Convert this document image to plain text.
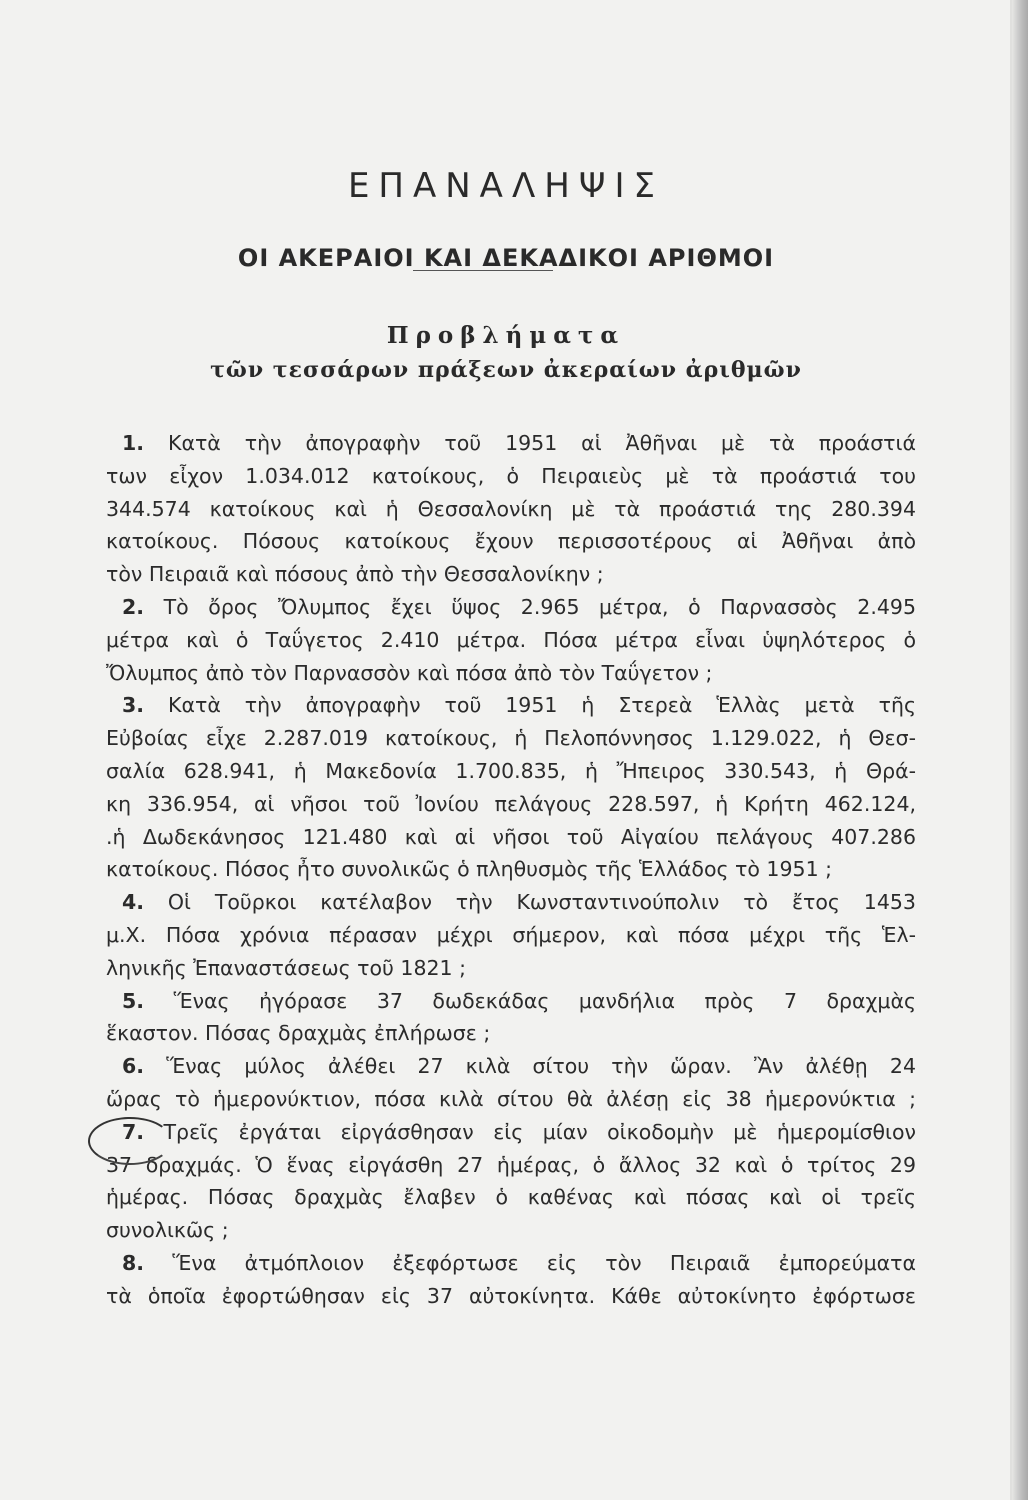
ΕΠΑΝΑΛΗΨΙΣ
ΟΙ ΑΚΕΡΑΙΟΙ ΚΑΙ ΔΕΚΑΔΙΚΟΙ ΑΡΙΘΜΟΙ
Προβλήματα
τῶν τεσσάρων πράξεων ἀκεραίων ἀριθμῶν
1. Κατὰ τὴν ἀπογραφὴν τοῦ 1951 αἱ Ἀθῆναι μὲ τὰ προάστιά
των εἶχον 1.034.012 κατοίκους, ὁ Πειραιεὺς μὲ τὰ προάστιά του
344.574 κατοίκους καὶ ἡ Θεσσαλονίκη μὲ τὰ προάστιά της 280.394
κατοίκους. Πόσους κατοίκους ἔχουν περισσοτέρους αἱ Ἀθῆναι ἀπὸ
τὸν Πειραιᾶ καὶ πόσους ἀπὸ τὴν Θεσσαλονίκην ;
2. Τὸ ὄρος Ὄλυμπος ἔχει ὕψος 2.965 μέτρα, ὁ Παρνασσὸς 2.495
μέτρα καὶ ὁ Ταΰγετος 2.410 μέτρα. Πόσα μέτρα εἶναι ὑψηλότερος ὁ
Ὄλυμπος ἀπὸ τὸν Παρνασσὸν καὶ πόσα ἀπὸ τὸν Ταΰγετον ;
3. Κατὰ τὴν ἀπογραφὴν τοῦ 1951 ἡ Στερεὰ Ἑλλὰς μετὰ τῆς
Εὐβοίας εἶχε 2.287.019 κατοίκους, ἡ Πελοπόννησος 1.129.022, ἡ Θεσ-
σαλία 628.941, ἡ Μακεδονία 1.700.835, ἡ Ἤπειρος 330.543, ἡ Θρά-
κη 336.954, αἱ νῆσοι τοῦ Ἰονίου πελάγους 228.597, ἡ Κρήτη 462.124,
.ἡ Δωδεκάνησος 121.480 καὶ αἱ νῆσοι τοῦ Αἰγαίου πελάγους 407.286
κατοίκους. Πόσος ἦτο συνολικῶς ὁ πληθυσμὸς τῆς Ἑλλάδος τὸ 1951 ;
4. Οἱ Τοῦρκοι κατέλαβον τὴν Κωνσταντινούπολιν τὸ ἔτος 1453
μ.Χ. Πόσα χρόνια πέρασαν μέχρι σήμερον, καὶ πόσα μέχρι τῆς Ἑλ-
ληνικῆς Ἐπαναστάσεως τοῦ 1821 ;
5. Ἕνας ἠγόρασε 37 δωδεκάδας μανδήλια πρὸς 7 δραχμὰς
ἕκαστον. Πόσας δραχμὰς ἐπλήρωσε ;
6. Ἕνας μύλος ἀλέθει 27 κιλὰ σίτου τὴν ὥραν. Ἂν ἀλέθῃ 24
ὥρας τὸ ἡμερονύκτιον, πόσα κιλὰ σίτου θὰ ἀλέσῃ εἰς 38 ἡμερονύκτια ;
7. Τρεῖς ἐργάται εἰργάσθησαν εἰς μίαν οἰκοδομὴν μὲ ἡμερομίσθιον
37 δραχμάς. Ὁ ἕνας εἰργάσθη 27 ἡμέρας, ὁ ἄλλος 32 καὶ ὁ τρίτος 29
ἡμέρας. Πόσας δραχμὰς ἔλαβεν ὁ καθένας καὶ πόσας καὶ οἱ τρεῖς
συνολικῶς ;
8. Ἕνα ἀτμόπλοιον ἐξεφόρτωσε εἰς τὸν Πειραιᾶ ἐμπορεύματα
τὰ ὁποῖα ἐφορτώθησαν εἰς 37 αὐτοκίνητα. Κάθε αὐτοκίνητο ἐφόρτωσε
